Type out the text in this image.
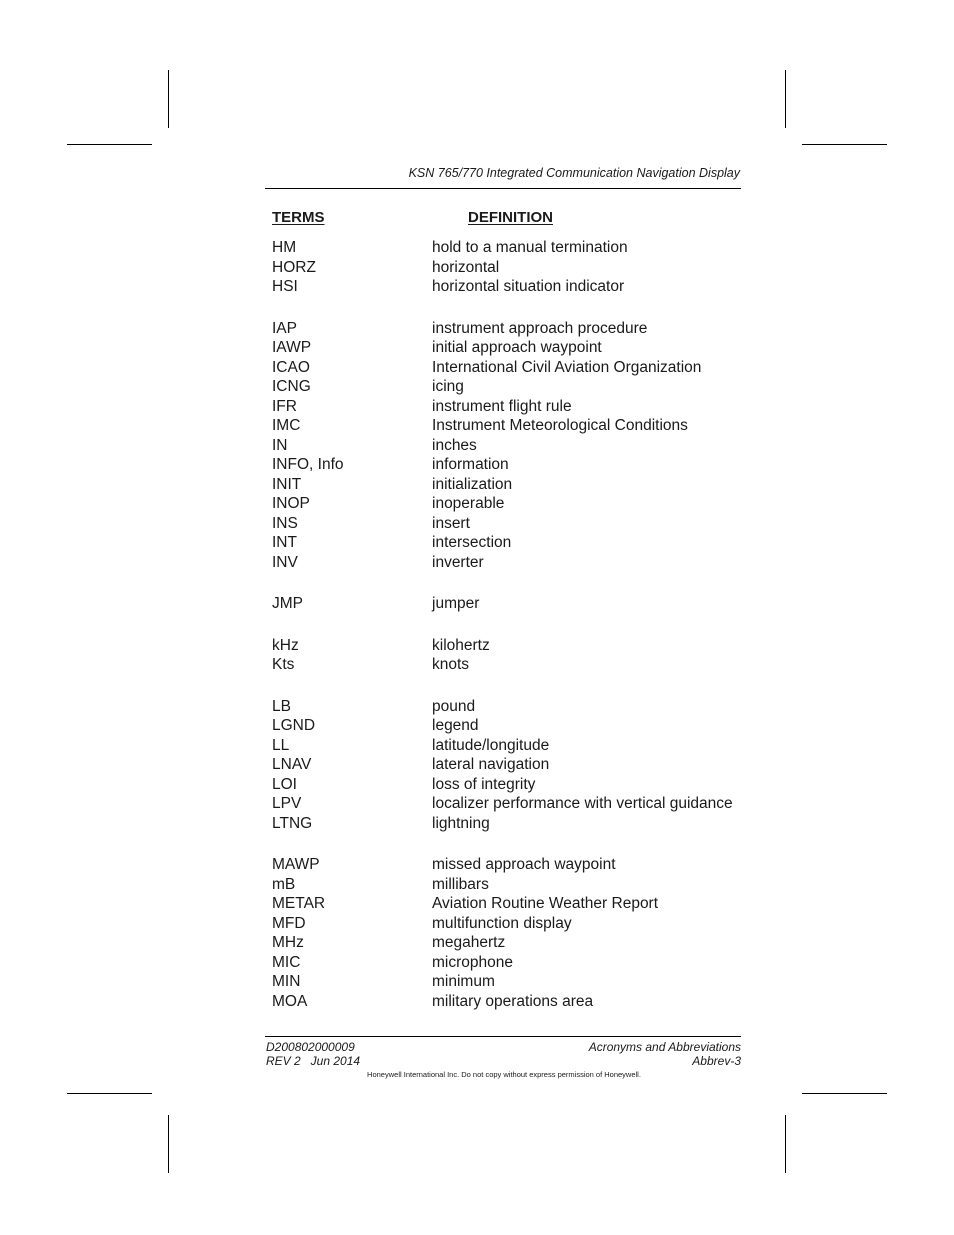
KSN 765/770 Integrated Communication Navigation Display
TERMS	DEFINITION
HM	hold to a manual termination
HORZ	horizontal
HSI	horizontal situation indicator
IAP	instrument approach procedure
IAWP	initial approach waypoint
ICAO	International Civil Aviation Organization
ICNG	icing
IFR	instrument flight rule
IMC	Instrument Meteorological Conditions
IN	inches
INFO, Info	information
INIT	initialization
INOP	inoperable
INS	insert
INT	intersection
INV	inverter
JMP	jumper
kHz	kilohertz
Kts	knots
LB	pound
LGND	legend
LL	latitude/longitude
LNAV	lateral navigation
LOI	loss of integrity
LPV	localizer performance with vertical guidance
LTNG	lightning
MAWP	missed approach waypoint
mB	millibars
METAR	Aviation Routine Weather Report
MFD	multifunction display
MHz	megahertz
MIC	microphone
MIN	minimum
MOA	military operations area
D200802000009
REV 2   Jun 2014
Acronyms and Abbreviations
Abbrev-3
Honeywell International Inc. Do not copy without express permission of Honeywell.
